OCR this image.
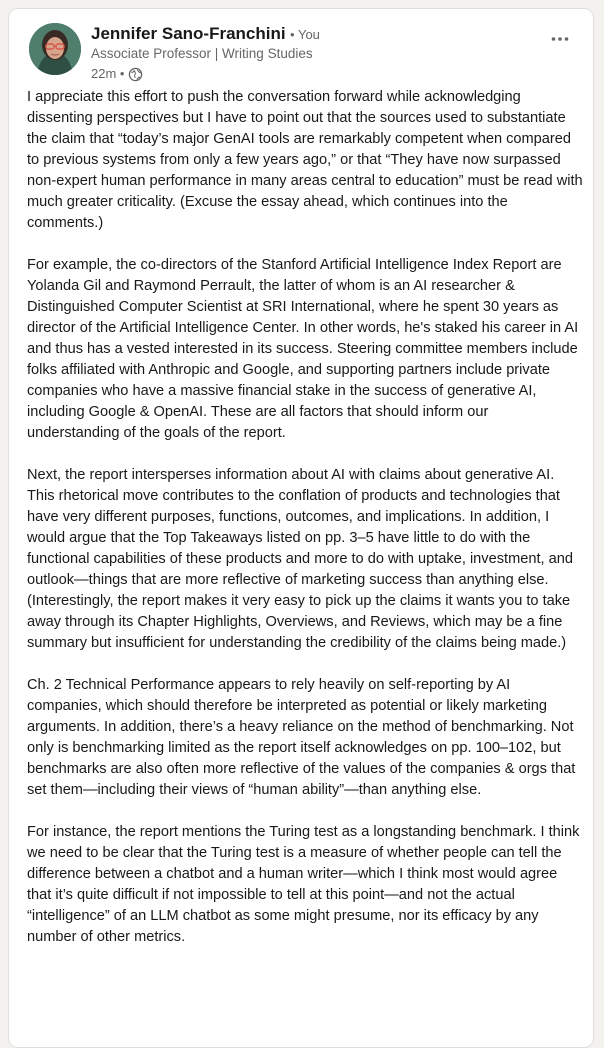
Jennifer Sano-Franchini • You
Associate Professor | Writing Studies
22m •

I appreciate this effort to push the conversation forward while acknowledging dissenting perspectives but I have to point out that the sources used to substantiate the claim that “today’s major GenAI tools are remarkably competent when compared to previous systems from only a few years ago,” or that “They have now surpassed non-expert human performance in many areas central to education” must be read with much greater criticality. (Excuse the essay ahead, which continues into the comments.)

For example, the co-directors of the Stanford Artificial Intelligence Index Report are Yolanda Gil and Raymond Perrault, the latter of whom is an AI researcher & Distinguished Computer Scientist at SRI International, where he spent 30 years as director of the Artificial Intelligence Center. In other words, he's staked his career in AI and thus has a vested interested in its success. Steering committee members include folks affiliated with Anthropic and Google, and supporting partners include private companies who have a massive financial stake in the success of generative AI, including Google & OpenAI. These are all factors that should inform our understanding of the goals of the report.

Next, the report intersperses information about AI with claims about generative AI. This rhetorical move contributes to the conflation of products and technologies that have very different purposes, functions, outcomes, and implications. In addition, I would argue that the Top Takeaways listed on pp. 3–5 have little to do with the functional capabilities of these products and more to do with uptake, investment, and outlook—things that are more reflective of marketing success than anything else. (Interestingly, the report makes it very easy to pick up the claims it wants you to take away through its Chapter Highlights, Overviews, and Reviews, which may be a fine summary but insufficient for understanding the credibility of the claims being made.)

Ch. 2 Technical Performance appears to rely heavily on self-reporting by AI companies, which should therefore be interpreted as potential or likely marketing arguments. In addition, there’s a heavy reliance on the method of benchmarking. Not only is benchmarking limited as the report itself acknowledges on pp. 100–102, but benchmarks are also often more reflective of the values of the companies & orgs that set them—including their views of “human ability”—than anything else.

For instance, the report mentions the Turing test as a longstanding benchmark. I think we need to be clear that the Turing test is a measure of whether people can tell the difference between a chatbot and a human writer—which I think most would agree that it’s quite difficult if not impossible to tell at this point—and not the actual “intelligence” of an LLM chatbot as some might presume, nor its efficacy by any number of other metrics.
